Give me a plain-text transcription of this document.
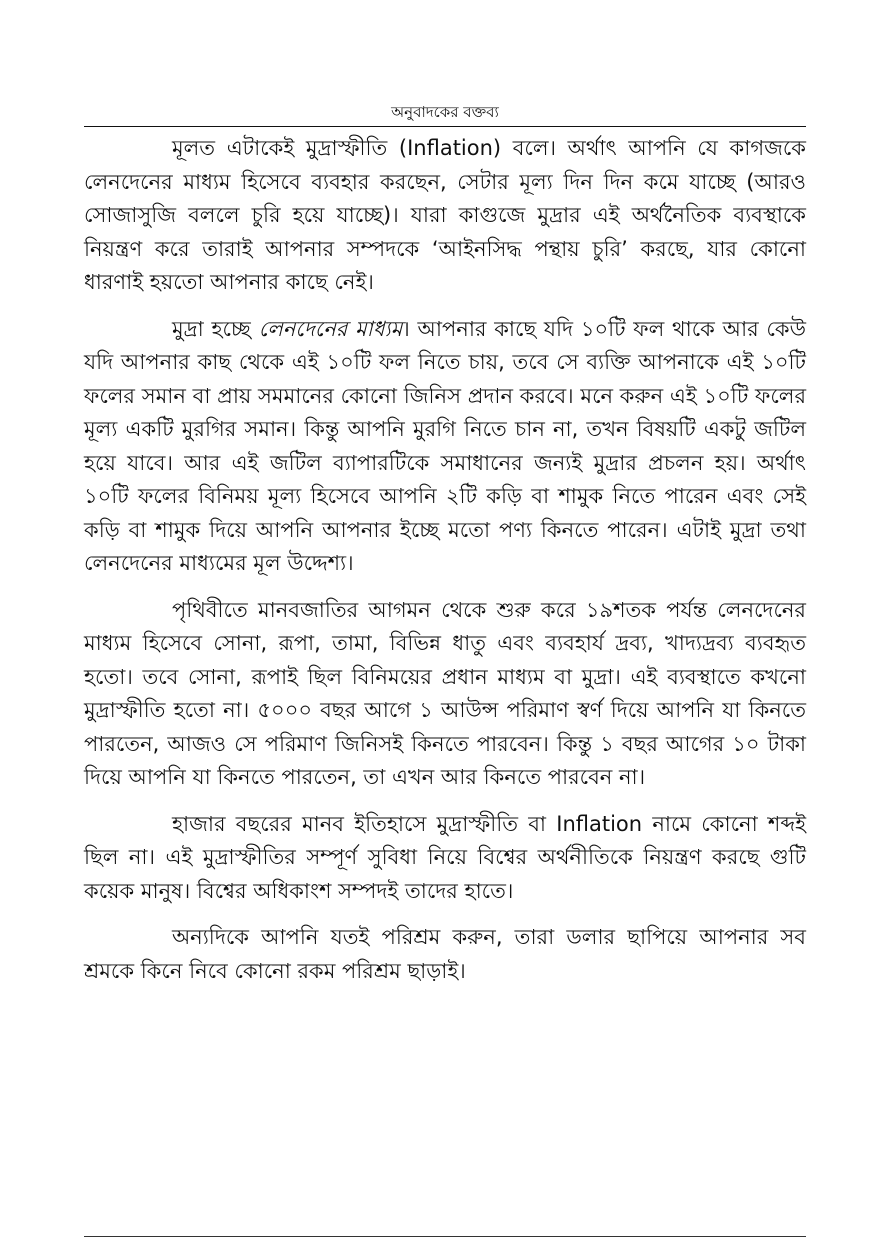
অনুবাদকের বক্তব্য

মূলত এটাকেই মুদ্রাস্ফীতি (Inflation) বলে। অর্থাৎ আপনি যে কাগজকে লেনদেনের মাধ্যম হিসেবে ব্যবহার করছেন, সেটার মূল্য দিন দিন কমে যাচ্ছে (আরও সোজাসুজি বললে চুরি হয়ে যাচ্ছে)। যারা কাগুজে মুদ্রার এই অর্থনৈতিক ব্যবস্থাকে নিয়ন্ত্রণ করে তারাই আপনার সম্পদকে ‘আইনসিদ্ধ পন্থায় চুরি’ করছে, যার কোনো ধারণাই হয়তো আপনার কাছে নেই।

মুদ্রা হচ্ছে লেনদেনের মাধ্যম। আপনার কাছে যদি ১০টি ফল থাকে আর কেউ যদি আপনার কাছ থেকে এই ১০টি ফল নিতে চায়, তবে সে ব্যক্তি আপনাকে এই ১০টি ফলের সমান বা প্রায় সমমানের কোনো জিনিস প্রদান করবে। মনে করুন এই ১০টি ফলের মূল্য একটি মুরগির সমান। কিন্তু আপনি মুরগি নিতে চান না, তখন বিষয়টি একটু জটিল হয়ে যাবে। আর এই জটিল ব্যাপারটিকে সমাধানের জন্যই মুদ্রার প্রচলন হয়। অর্থাৎ ১০টি ফলের বিনিময় মূল্য হিসেবে আপনি ২টি কড়ি বা শামুক নিতে পারেন এবং সেই কড়ি বা শামুক দিয়ে আপনি আপনার ইচ্ছে মতো পণ্য কিনতে পারেন। এটাই মুদ্রা তথা লেনদেনের মাধ্যমের মূল উদ্দেশ্য।

পৃথিবীতে মানবজাতির আগমন থেকে শুরু করে ১৯শতক পর্যন্ত লেনদেনের মাধ্যম হিসেবে সোনা, রূপা, তামা, বিভিন্ন ধাতু এবং ব্যবহার্য দ্রব্য, খাদ্যদ্রব্য ব্যবহৃত হতো। তবে সোনা, রূপাই ছিল বিনিময়ের প্রধান মাধ্যম বা মুদ্রা। এই ব্যবস্থাতে কখনো মুদ্রাস্ফীতি হতো না। ৫০০০ বছর আগে ১ আউন্স পরিমাণ স্বর্ণ দিয়ে আপনি যা কিনতে পারতেন, আজও সে পরিমাণ জিনিসই কিনতে পারবেন। কিন্তু ১ বছর আগের ১০ টাকা দিয়ে আপনি যা কিনতে পারতেন, তা এখন আর কিনতে পারবেন না।

হাজার বছরের মানব ইতিহাসে মুদ্রাস্ফীতি বা Inflation নামে কোনো শব্দই ছিল না। এই মুদ্রাস্ফীতির সম্পূর্ণ সুবিধা নিয়ে বিশ্বের অর্থনীতিকে নিয়ন্ত্রণ করছে গুটি কয়েক মানুষ। বিশ্বের অধিকাংশ সম্পদই তাদের হাতে।

অন্যদিকে আপনি যতই পরিশ্রম করুন, তারা ডলার ছাপিয়ে আপনার সব শ্রমকে কিনে নিবে কোনো রকম পরিশ্রম ছাড়াই।
